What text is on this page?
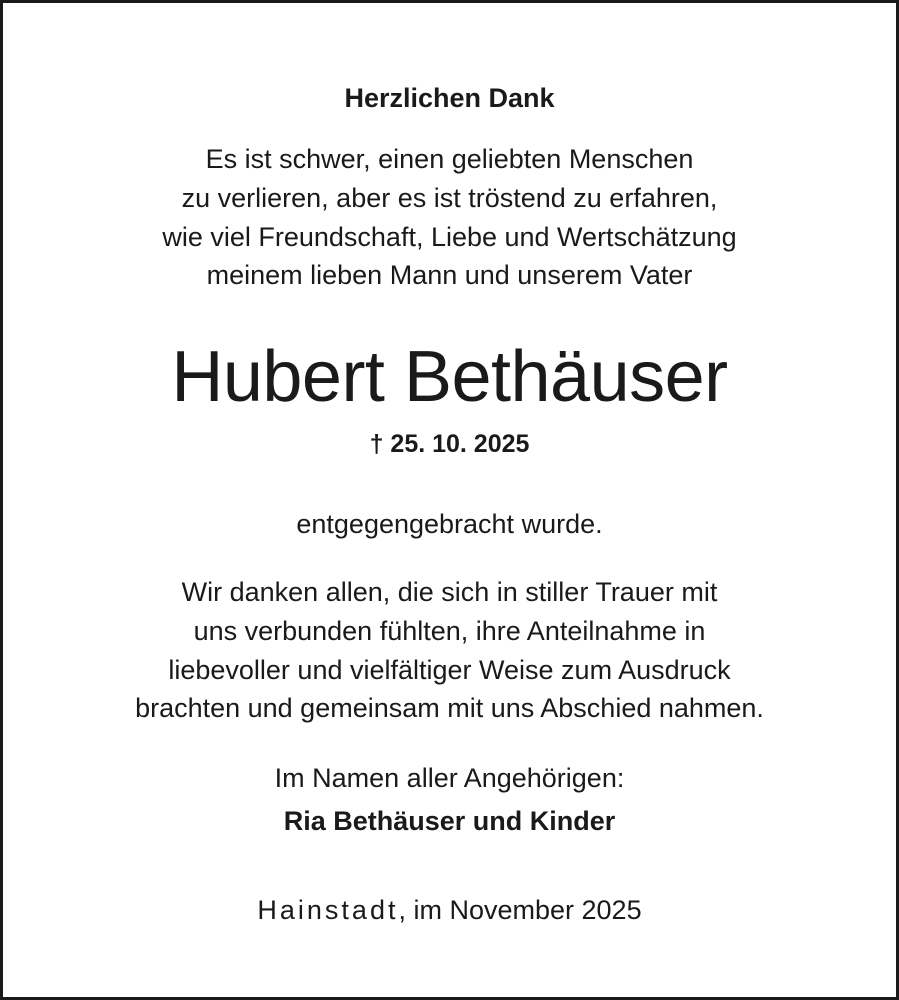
Herzlichen Dank

Es ist schwer, einen geliebten Menschen

zu verlieren, aber es ist tröstend zu erfahren,

wie viel Freundschaft, Liebe und Wertschätzung

meinem lieben Mann und unserem Vater

Hubert Bethäuser

† 25. 10. 2025

entgegengebracht wurde.

Wir danken allen, die sich in stiller Trauer mit

uns verbunden fühlten, ihre Anteilnahme in

liebevoller und vielfältiger Weise zum Ausdruck

brachten und gemeinsam mit uns Abschied nahmen.

Im Namen aller Angehörigen:

Ria Bethäuser und Kinder

Hainstadt, im November 2025
